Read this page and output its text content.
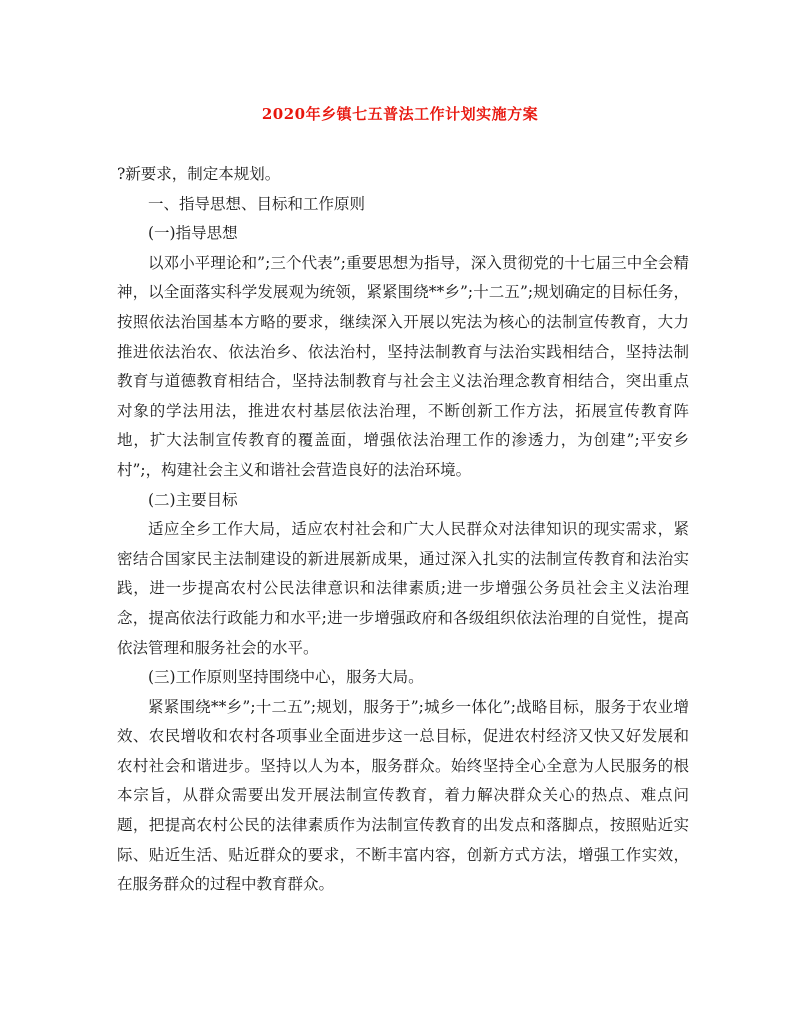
2020年乡镇七五普法工作计划实施方案

?新要求，制定本规划。

一、指导思想、目标和工作原则

(一)指导思想

以邓小平理论和”;三个代表”;重要思想为指导，深入贯彻党的十七届三中全会精神，以全面落实科学发展观为统领，紧紧围绕**乡”;十二五”;规划确定的目标任务，按照依法治国基本方略的要求，继续深入开展以宪法为核心的法制宣传教育，大力推进依法治农、依法治乡、依法治村，坚持法制教育与法治实践相结合，坚持法制教育与道德教育相结合，坚持法制教育与社会主义法治理念教育相结合，突出重点对象的学法用法，推进农村基层依法治理，不断创新工作方法，拓展宣传教育阵地，扩大法制宣传教育的覆盖面，增强依法治理工作的渗透力，为创建”;平安乡村”;，构建社会主义和谐社会营造良好的法治环境。

(二)主要目标

适应全乡工作大局，适应农村社会和广大人民群众对法律知识的现实需求，紧密结合国家民主法制建设的新进展新成果，通过深入扎实的法制宣传教育和法治实践，进一步提高农村公民法律意识和法律素质;进一步增强公务员社会主义法治理念，提高依法行政能力和水平;进一步增强政府和各级组织依法治理的自觉性，提高依法管理和服务社会的水平。

(三)工作原则坚持围绕中心，服务大局。

紧紧围绕**乡”;十二五”;规划，服务于”;城乡一体化”;战略目标，服务于农业增效、农民增收和农村各项事业全面进步这一总目标，促进农村经济又快又好发展和农村社会和谐进步。坚持以人为本，服务群众。始终坚持全心全意为人民服务的根本宗旨，从群众需要出发开展法制宣传教育，着力解决群众关心的热点、难点问题，把提高农村公民的法律素质作为法制宣传教育的出发点和落脚点，按照贴近实际、贴近生活、贴近群众的要求，不断丰富内容，创新方式方法，增强工作实效，在服务群众的过程中教育群众。
